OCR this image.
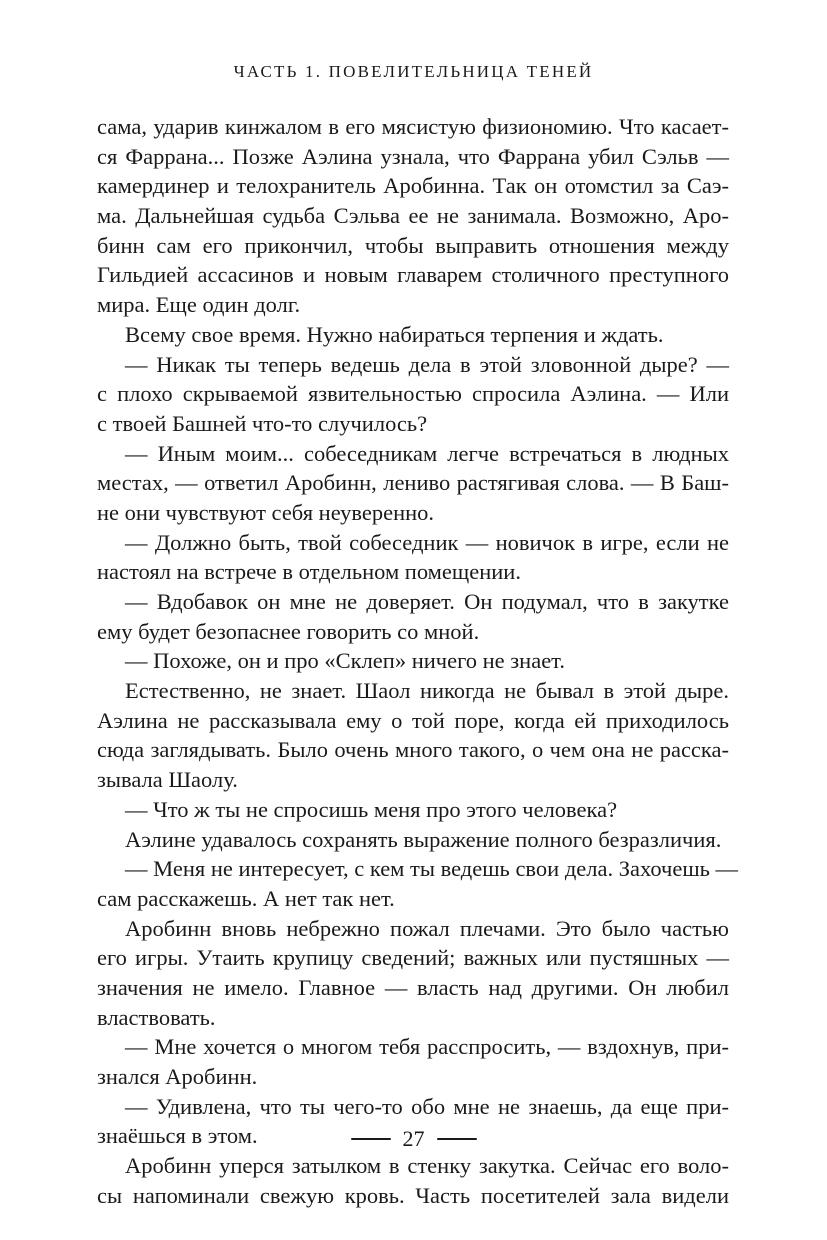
ЧАСТЬ 1. ПОВЕЛИТЕЛЬНИЦА ТЕНЕЙ
сама, ударив кинжалом в его мясистую физиономию. Что касает-
ся Фаррана... Позже Аэлина узнала, что Фаррана убил Сэльв —
камердинер и телохранитель Аробинна. Так он отомстил за Саэ-
ма. Дальнейшая судьба Сэльва ее не занимала. Возможно, Аро-
бинн сам его прикончил, чтобы выправить отношения между
Гильдией ассасинов и новым главарем столичного преступного
мира. Еще один долг.
Всему свое время. Нужно набираться терпения и ждать.
— Никак ты теперь ведешь дела в этой зловонной дыре? —
с плохо скрываемой язвительностью спросила Аэлина. — Или
с твоей Башней что-то случилось?
— Иным моим... собеседникам легче встречаться в людных
местах, — ответил Аробинн, лениво растягивая слова. — В Баш-
не они чувствуют себя неуверенно.
— Должно быть, твой собеседник — новичок в игре, если не
настоял на встрече в отдельном помещении.
— Вдобавок он мне не доверяет. Он подумал, что в закутке
ему будет безопаснее говорить со мной.
— Похоже, он и про «Склеп» ничего не знает.
Естественно, не знает. Шаол никогда не бывал в этой дыре.
Аэлина не рассказывала ему о той поре, когда ей приходилось
сюда заглядывать. Было очень много такого, о чем она не расска-
зывала Шаолу.
— Что ж ты не спросишь меня про этого человека?
Аэлине удавалось сохранять выражение полного безразличия.
— Меня не интересует, с кем ты ведешь свои дела. Захочешь —
сам расскажешь. А нет так нет.
Аробинн вновь небрежно пожал плечами. Это было частью
его игры. Утаить крупицу сведений; важных или пустяшных —
значения не имело. Главное — власть над другими. Он любил
властвовать.
— Мне хочется о многом тебя расспросить, — вздохнув, при-
знался Аробинн.
— Удивлена, что ты чего-то обо мне не знаешь, да еще при-
знаёшься в этом.
Аробинн уперся затылком в стенку закутка. Сейчас его воло-
сы напоминали свежую кровь. Часть посетителей зала видели
27
